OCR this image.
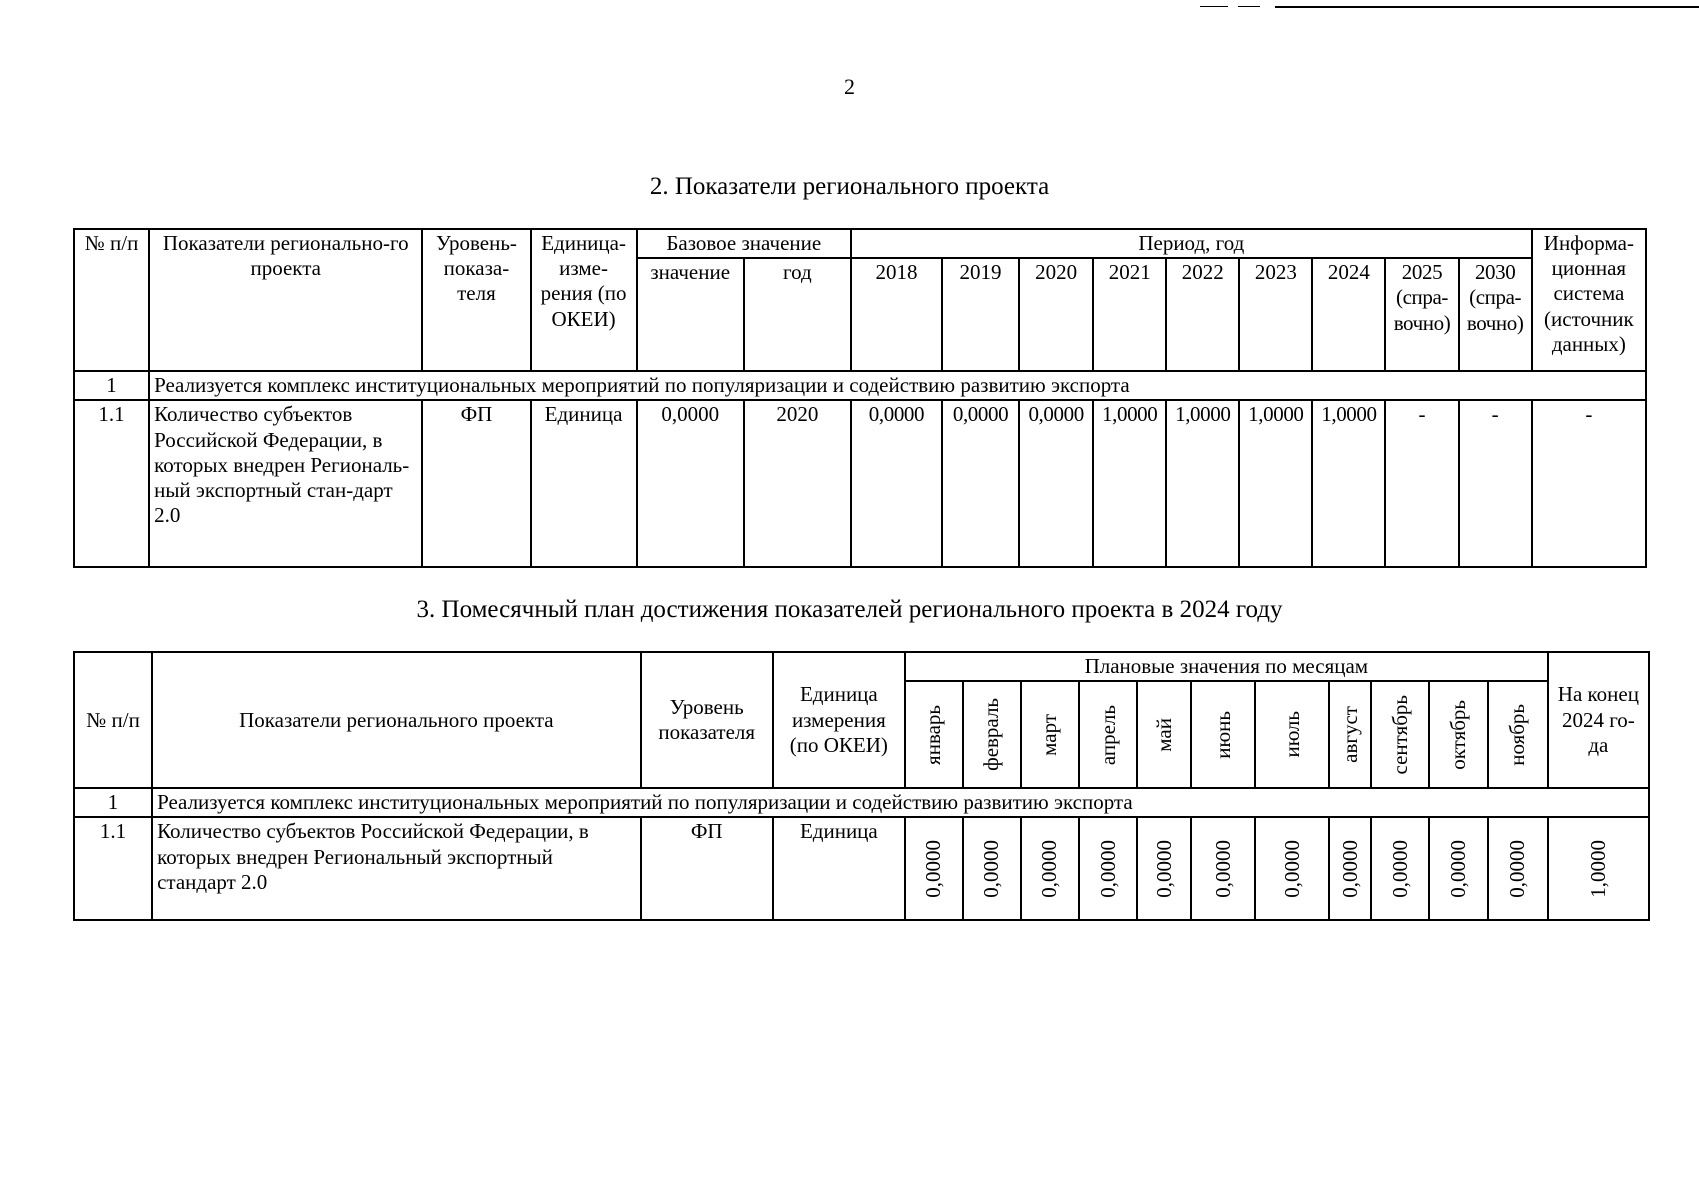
2
2. Показатели регионального проекта
№ п/п	Показатели регионально-го проекта	Уровень-показа-теля	Единица-изме-рения (по ОКЕИ)	Базовое значение		Период, год									Информа-ционная система (источник данных)
				значение	год	2018	2019	2020	2021	2022	2023	2024	2025 (спра-вочно)	2030 (спра-вочно)	
1	Реализуется комплекс институциональных мероприятий по популяризации и содействию развитию экспорта														
1.1	Количество субъектов Российской Федерации, в которых внедрен Региональ-ный экспортный стан-дарт 2.0	ФП	Единица	0,0000	2020	0,0000	0,0000	0,0000	1,0000	1,0000	1,0000	1,0000	-	-	-
3. Помесячный план достижения показателей регионального проекта в 2024 году
№ п/п	Показатели регионального проекта	Уровень показателя	Единица измерения (по ОКЕИ)	Плановые значения по месяцам											На конец 2024 го-да

				январь	февраль	март	апрель	май	июнь	июль	август	сентябрь	октябрь	ноябрь	

1	Реализуется комплекс институциональных мероприятий по популяризации и содействию развитию экспорта														
1.1	Количество субъектов Российской Федерации, в которых внедрен Региональный экспортный стандарт 2.0	ФП	Единица	0,0000	0,0000	0,0000	0,0000	0,0000	0,0000	0,0000	0,0000	0,0000	0,0000	0,0000	1,0000
